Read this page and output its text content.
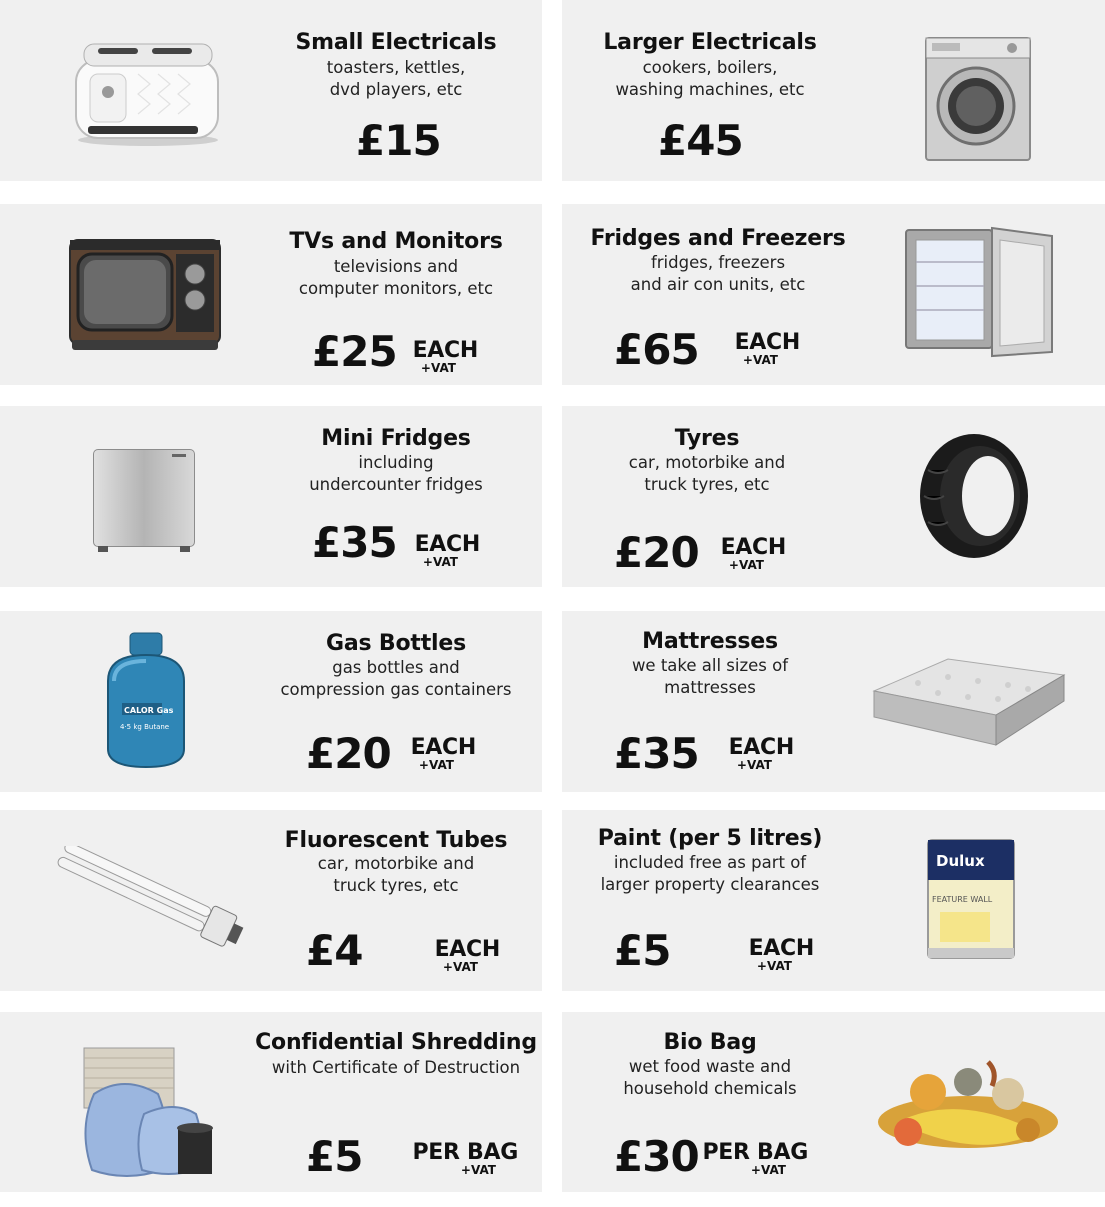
Small Electricals
toasters, kettles,
dvd players, etc
£15
Larger Electricals
cookers, boilers,
washing machines, etc
£45
TVs and Monitors
televisions and
computer monitors, etc
£25 EACH
+VAT
Fridges and Freezers
fridges, freezers
and air con units, etc
£65	EACH
+VAT
Mini Fridges
including
undercounter fridges
£35 EACH
+VAT
Tyres
car, motorbike and
truck tyres, etc
£20 EACH
+VAT
CALOR Gas
4·5 kg Butane
Gas Bottles
gas bottles and
compression gas containers
£20 EACH
+VAT
Mattresses
we take all sizes of
mattresses
£35	EACH
+VAT
Fluorescent Tubes
car, motorbike and
truck tyres, etc
£4	EACH
+VAT
Paint (per 5 litres)
included free as part of
larger property clearances
£5	EACH
+VAT
Dulux
FEATURE WALL
Confidential Shredding
with Certificate of Destruction
£5 PER BAG
+VAT
Bio Bag
wet food waste and
household chemicals
£30 PER BAG
+VAT
